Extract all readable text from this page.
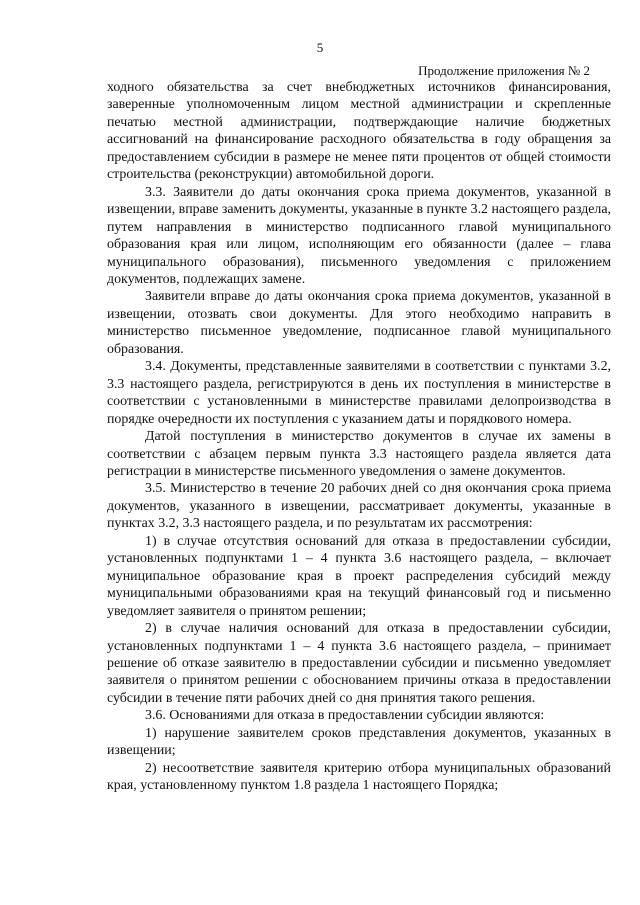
5
Продолжение приложения № 2

ходного обязательства за счет внебюджетных источников финансирования, заверенные уполномоченным лицом местной администрации и скрепленные печатью местной администрации, подтверждающие наличие бюджетных ассигнований на финансирование расходного обязательства в году обращения за предоставлением субсидии в размере не менее пяти процентов от общей стоимости строительства (реконструкции) автомобильной дороги.

3.3. Заявители до даты окончания срока приема документов, указанной в извещении, вправе заменить документы, указанные в пункте 3.2 настоящего раздела, путем направления в министерство подписанного главой муниципального образования края или лицом, исполняющим его обязанности (далее – глава муниципального образования), письменного уведомления с приложением документов, подлежащих замене.

Заявители вправе до даты окончания срока приема документов, указанной в извещении, отозвать свои документы. Для этого необходимо направить в министерство письменное уведомление, подписанное главой муниципального образования.

3.4. Документы, представленные заявителями в соответствии с пунктами 3.2, 3.3 настоящего раздела, регистрируются в день их поступления в министерстве в соответствии с установленными в министерстве правилами делопроизводства в порядке очередности их поступления с указанием даты и порядкового номера.

Датой поступления в министерство документов в случае их замены в соответствии с абзацем первым пункта 3.3 настоящего раздела является дата регистрации в министерстве письменного уведомления о замене документов.

3.5. Министерство в течение 20 рабочих дней со дня окончания срока приема документов, указанного в извещении, рассматривает документы, указанные в пунктах 3.2, 3.3 настоящего раздела, и по результатам их рассмотрения:

1) в случае отсутствия оснований для отказа в предоставлении субсидии, установленных подпунктами 1 – 4 пункта 3.6 настоящего раздела, – включает муниципальное образование края в проект распределения субсидий между муниципальными образованиями края на текущий финансовый год и письменно уведомляет заявителя о принятом решении;

2) в случае наличия оснований для отказа в предоставлении субсидии, установленных подпунктами 1 – 4 пункта 3.6 настоящего раздела, – принимает решение об отказе заявителю в предоставлении субсидии и письменно уведомляет заявителя о принятом решении с обоснованием причины отказа в предоставлении субсидии в течение пяти рабочих дней со дня принятия такого решения.

3.6. Основаниями для отказа в предоставлении субсидии являются:

1) нарушение заявителем сроков представления документов, указанных в извещении;

2) несоответствие заявителя критерию отбора муниципальных образований края, установленному пунктом 1.8 раздела 1 настоящего Порядка;
